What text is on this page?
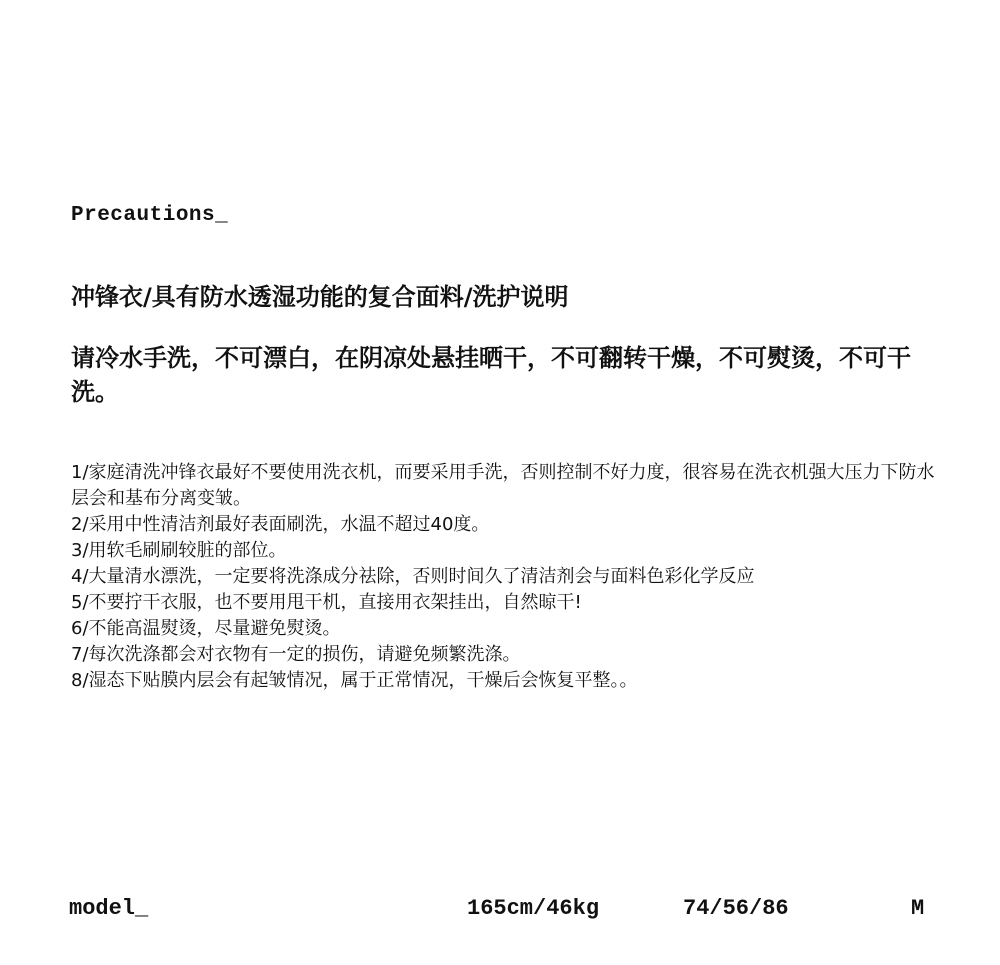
Precautions_
冲锋衣/具有防水透湿功能的复合面料/洗护说明
请冷水手洗，不可漂白，在阴凉处悬挂晒干，不可翻转干燥，不可熨烫，不可干洗。
1/家庭清洗冲锋衣最好不要使用洗衣机，而要采用手洗，否则控制不好力度，很容易在洗衣机强大压力下防水层会和基布分离变皱。
2/采用中性清洁剂最好表面刷洗，水温不超过40度。
3/用软毛刷刷较脏的部位。
4/大量清水漂洗，一定要将洗涤成分祛除，否则时间久了清洁剂会与面料色彩化学反应
5/不要拧干衣服，也不要用甩干机，直接用衣架挂出，自然晾干!
6/不能高温熨烫，尽量避免熨烫。
7/每次洗涤都会对衣物有一定的损伤，请避免频繁洗涤。
8/湿态下贴膜内层会有起皱情况，属于正常情况，干燥后会恢复平整。。
model_	165cm/46kg	74/56/86	M
